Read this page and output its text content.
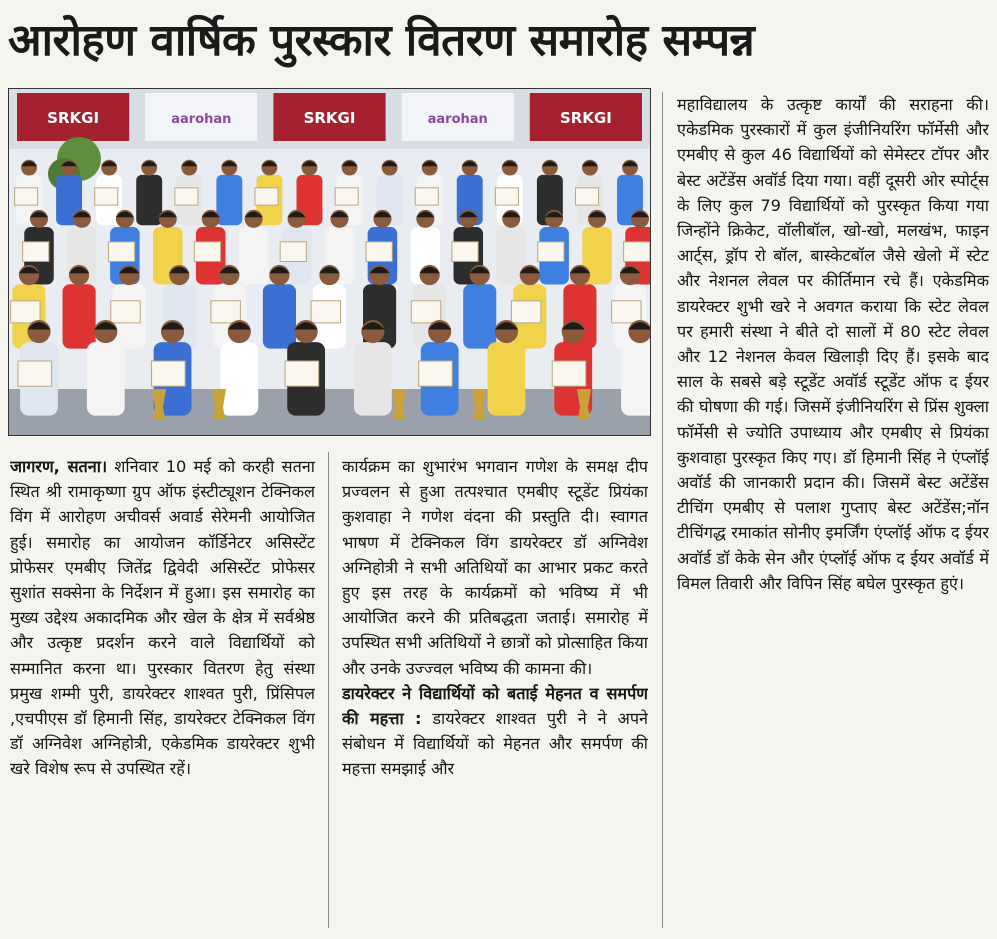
आरोहण वार्षिक पुरस्कार वितरण समारोह सम्पन्न
SRKGI	aarohan	SRKGI	aarohan	SRKGI

जागरण, सतना। शनिवार 10 मई को करही सतना स्थित श्री रामाकृष्णा ग्रुप ऑफ इंस्टीट्यूशन टेक्निकल विंग में आरोहण अचीवर्स अवार्ड सेरेमनी आयोजित हुई। समारोह का आयोजन कॉर्डिनेटर असिस्टेंट प्रोफेसर एमबीए जितेंद्र द्विवेदी असिस्टेंट प्रोफेसर सुशांत सक्सेना के निर्देशन में हुआ। इस समारोह का मुख्य उद्देश्य अकादमिक और खेल के क्षेत्र में सर्वश्रेष्ठ और उत्कृष्ट प्रदर्शन करने वाले विद्यार्थियों को सम्मानित करना था। पुरस्कार वितरण हेतु संस्था प्रमुख शम्मी पुरी, डायरेक्टर शाश्वत पुरी, प्रिंसिपल ,एचपीएस डॉ हिमानी सिंह, डायरेक्टर टेक्निकल विंग डॉ अग्निवेश अग्निहोत्री, एकेडमिक डायरेक्टर शुभी खरे विशेष रूप से उपस्थित रहें।

कार्यक्रम का शुभारंभ भगवान गणेश के समक्ष दीप प्रज्वलन से हुआ तत्पश्चात एमबीए स्टूडेंट प्रियंका कुशवाहा ने गणेश वंदना की प्रस्तुति दी। स्वागत भाषण में टेक्निकल विंग डायरेक्टर डॉ अग्निवेश अग्निहोत्री ने सभी अतिथियों का आभार प्रकट करते हुए इस तरह के कार्यक्रमों को भविष्य में भी आयोजित करने की प्रतिबद्धता जताई। समारोह में उपस्थित सभी अतिथियों ने छात्रों को प्रोत्साहित किया और उनके उज्ज्वल भविष्य की कामना की।

डायरेक्टर ने विद्यार्थियों को बताई मेहनत व समर्पण की महत्ता : डायरेक्टर शाश्वत पुरी ने ने अपने संबोधन में विद्यार्थियों को मेहनत और समर्पण की महत्ता समझाई और

महाविद्यालय के उत्कृष्ट कार्यों की सराहना की। एकेडमिक पुरस्कारों में कुल इंजीनियरिंग फॉर्मेसी और एमबीए से कुल 46 विद्यार्थियों को सेमेस्टर टॉपर और बेस्ट अटेंडेंस अवॉर्ड दिया गया। वहीं दूसरी ओर स्पोर्ट्स के लिए कुल 79 विद्यार्थियों को पुरस्कृत किया गया जिन्होंने क्रिकेट, वॉलीबॉल, खो-खो, मलखंभ, फाइन आर्ट्स, ड्रॉप रो बॉल, बास्केटबॉल जैसे खेलो में स्टेट और नेशनल लेवल पर कीर्तिमान रचे हैं। एकेडमिक डायरेक्टर शुभी खरे ने अवगत कराया कि स्टेट लेवल पर हमारी संस्था ने बीते दो सालों में 80 स्टेट लेवल और 12 नेशनल केवल खिलाड़ी दिए हैं। इसके बाद साल के सबसे बड़े स्टूडेंट अवॉर्ड स्टूडेंट ऑफ द ईयर की घोषणा की गई। जिसमें इंजीनियरिंग से प्रिंस शुक्ला फॉर्मेसी से ज्योति उपाध्याय और एमबीए से प्रियंका कुशवाहा पुरस्कृत किए गए। डॉ हिमानी सिंह ने एंप्लॉई अवॉर्ड की जानकारी प्रदान की। जिसमें बेस्ट अटेंडेंस टीचिंग एमबीए से पलाश गुप्ताए बेस्ट अटेंडेंस;नॉन टीचिंगद्ध रमाकांत सोनीए इमर्जिंग एंप्लॉई ऑफ द ईयर अवॉर्ड डॉ केके सेन और एंप्लॉई ऑफ द ईयर अवॉर्ड में विमल तिवारी और विपिन सिंह बघेल पुरस्कृत हुएं।
